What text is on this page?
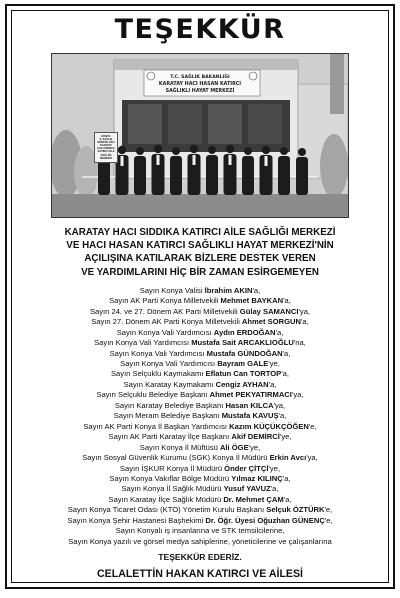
TEŞEKKÜR
T.C. SAĞLIK BAKANLIĞI
KARATAY HACI HASAN KATIRCI
SAĞLIKLI HAYAT MERKEZİ
KONYA
İL SAĞLIK
MÜDÜRLÜĞÜ
KARATAY
HACI SIDDIKA
KATIRCI AİLE
SAĞLIĞI
MERKEZİ
KARATAY HACI SIDDIKA KATIRCI AİLE SAĞLIĞI MERKEZİ
VE HACI HASAN KATIRCI SAĞLIKLI HAYAT MERKEZİ'NİN
AÇILIŞINA KATILARAK BİZLERE DESTEK VEREN
VE YARDIMLARINI HİÇ BİR ZAMAN ESİRGEMEYEN
Sayın Konya Valisi İbrahim AKIN'a,
Sayın AK Parti Konya Milletvekili Mehmet BAYKAN'a,
Sayın 24. ve 27. Dönem AK Parti Milletvekili Gülay SAMANCI'ya,
Sayın 27. Dönem AK Parti Konya Milletvekili Ahmet SORGUN'a,
Sayın Konya Vali Yardımcısı Aydın ERDOĞAN'a,
Sayın Konya Vali Yardımcısı Mustafa Sait ARCAKLIOĞLU'na,
Sayın Konya Vali Yardımcısı Mustafa GÜNDOĞAN'a,
Sayın Konya Vali Yardımcısı Bayram GALE'ye,
Sayın Selçuklu Kaymakamı Eflatun Can TORTOP'a,
Sayın Karatay Kaymakamı Cengiz AYHAN'a,
Sayın Selçuklu Belediye Başkanı Ahmet PEKYATIRMACI'ya,
Sayın Karatay Belediye Başkanı Hasan KILCA'ya,
Sayın Meram Belediye Başkanı Mustafa KAVUŞ'a,
Sayın AK Parti Konya İl Başkan Yardımcısı Kazım KÜÇÜKÇÖĞEN'e,
Sayın AK Parti Karatay İlçe Başkanı Akif DEMİRCİ'ye,
Sayın Konya İl Müftüsü Ali ÖGE'ye,
Sayın Sosyal Güvenlik Kurumu (SGK) Konya İl Müdürü Erkin Avcı'ya,
Sayın İŞKUR Konya İl Müdürü Önder ÇİTÇİ'ye,
Sayın Konya Vakıflar Bölge Müdürü Yılmaz KILINÇ'a,
Sayın Konya İl Sağlık Müdürü Yusuf YAVUZ'a,
Sayın Karatay İlçe Sağlık Müdürü Dr. Mehmet ÇAM'a,
Sayın Konya Ticaret Odası (KTO) Yönetim Kurulu Başkanı Selçuk ÖZTÜRK'e,
Sayın Konya Şehir Hastanesi Başhekimi Dr. Öğr. Üyesi Oğuzhan GÜNENÇ'e,
Sayın Konyalı iş insanlarına ve STK temsilcilerine,
Sayın Konya yazılı ve görsel medya sahiplerine, yöneticilerine ve çalışanlarına
TEŞEKKÜR EDERİZ.
CELALETTİN HAKAN KATIRCI VE AİLESİ
